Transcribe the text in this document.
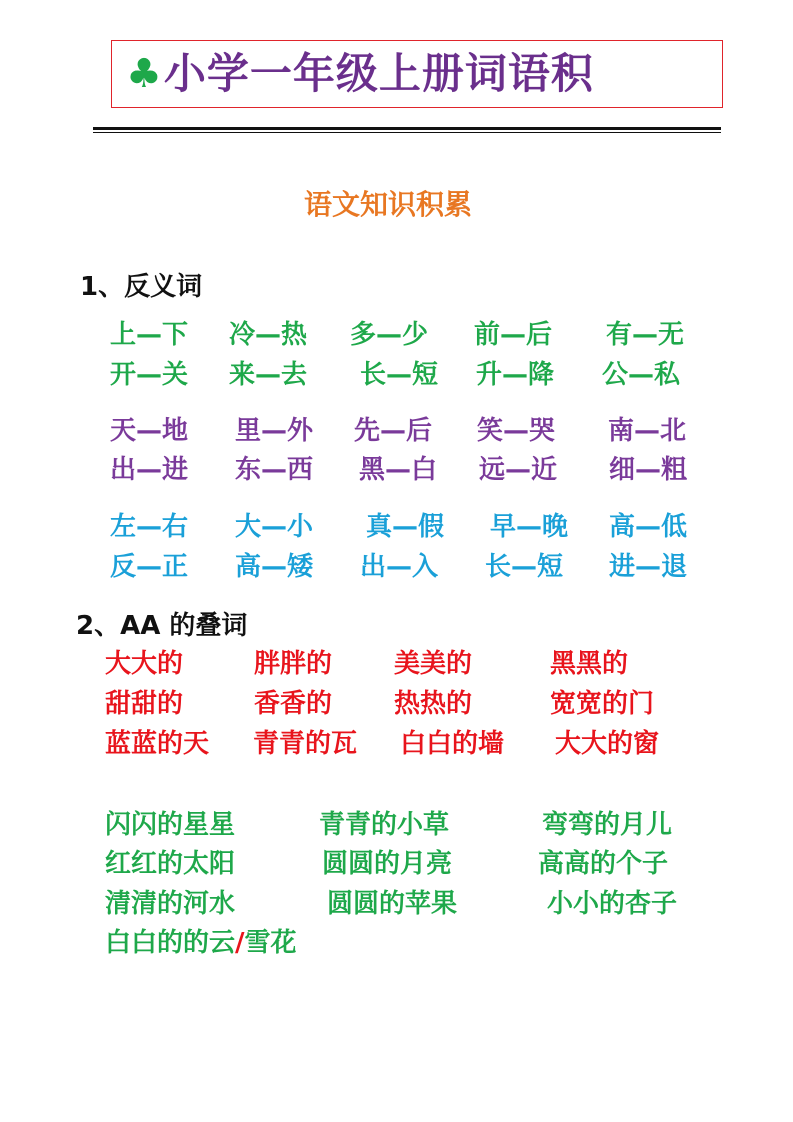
♣ 小学一年级上册词语积
语文知识积累
1、反义词
上—下 冷—热 多—少 前—后 有—无
开—关 来—去 长—短 升—降 公—私
天—地 里—外 先—后 笑—哭 南—北
出—进 东—西 黑—白 远—近 细—粗
左—右 大—小 真—假 早—晚 高—低
反—正 高—矮 出—入 长—短 进—退
2、AA 的叠词
大大的	胖胖的 美美的	黑黑的
甜甜的	香香的 热热的	宽宽的门
蓝蓝的天 青青的瓦 白白的墙 大大的窗
闪闪的星星	青青的小草	弯弯的月儿
红红的太阳	圆圆的月亮	高高的个子
清清的河水	圆圆的苹果	小小的杏子
白白的的云/雪花
